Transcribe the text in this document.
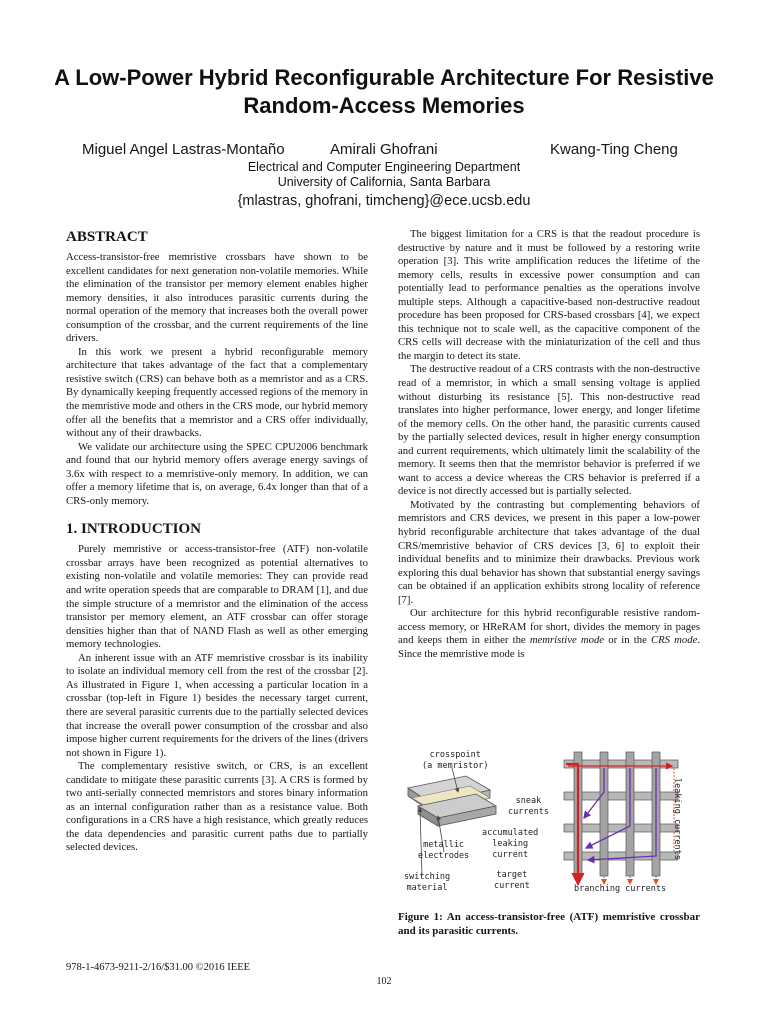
A Low-Power Hybrid Reconfigurable Architecture For Resistive Random-Access Memories
Miguel Angel Lastras-Montaño	Amirali Ghofrani	Kwang-Ting Cheng
Electrical and Computer Engineering Department
University of California, Santa Barbara
{mlastras, ghofrani, timcheng}@ece.ucsb.edu
ABSTRACT

Access-transistor-free memristive crossbars have shown to be excellent candidates for next generation non-volatile memories. While the elimination of the transistor per memory element enables higher memory densities, it also introduces parasitic currents during the normal operation of the memory that increases both the overall power consumption of the crossbar, and the current requirements of the line drivers.

In this work we present a hybrid reconfigurable memory architecture that takes advantage of the fact that a complementary resistive switch (CRS) can behave both as a memristor and as a CRS. By dynamically keeping frequently accessed regions of the memory in the memristive mode and others in the CRS mode, our hybrid memory offer all the benefits that a memristor and a CRS offer individually, without any of their drawbacks.

We validate our architecture using the SPEC CPU2006 benchmark and found that our hybrid memory offers average energy savings of 3.6x with respect to a memristive-only memory. In addition, we can offer a memory lifetime that is, on average, 6.4x longer than that of a CRS-only memory.

1. INTRODUCTION

Purely memristive or access-transistor-free (ATF) non-volatile crossbar arrays have been recognized as potential alternatives to existing non-volatile and volatile memories: They can provide read and write operation speeds that are comparable to DRAM [1], and due the simple structure of a memristor and the elimination of the access transistor per memory element, an ATF crossbar can offer storage densities higher than that of NAND Flash as well as other emerging memory technologies.

An inherent issue with an ATF memristive crossbar is its inability to isolate an individual memory cell from the rest of the crossbar [2]. As illustrated in Figure 1, when accessing a particular location in a crossbar (top-left in Figure 1) besides the necessary target current, there are several parasitic currents due to the partially selected devices that increase the overall power consumption of the crossbar and also impose higher current requirements for the drivers of the lines (drivers not shown in Figure 1).

The complementary resistive switch, or CRS, is an excellent candidate to mitigate these parasitic currents [3]. A CRS is formed by two anti-serially connected memristors and stores binary information as an internal configuration rather than as a resistance value. Both configurations in a CRS have a high resistance, which greatly reduces the data dependencies and parasitic current paths due to partially selected devices.

The biggest limitation for a CRS is that the readout procedure is destructive by nature and it must be followed by a restoring write operation [3]. This write amplification reduces the lifetime of the memory cells, results in excessive power consumption and can potentially lead to performance penalties as the operations involve multiple steps. Although a capacitive-based non-destructive readout procedure has been proposed for CRS-based crossbars [4], we expect this technique not to scale well, as the capacitive component of the CRS cells will decrease with the miniaturization of the cell and thus the margin to detect its state.

The destructive readout of a CRS contrasts with the non-destructive read of a memristor, in which a small sensing voltage is applied without disturbing its resistance [5]. This non-destructive read translates into higher performance, lower energy, and longer lifetime of the memory cells. On the other hand, the parasitic currents caused by the partially selected devices, result in higher energy consumption and current requirements, which ultimately limit the scalability of the memory. It seems then that the memristor behavior is preferred if we want to access a device whereas the CRS behavior is preferred if a device is not directly accessed but is partially selected.

Motivated by the contrasting but complementing behaviors of memristors and CRS devices, we present in this paper a low-power hybrid reconfigurable architecture that takes advantage of the dual CRS/memristive behavior of CRS devices [3, 6] to exploit their individual benefits and to minimize their drawbacks. Previous work exploring this dual behavior has shown that substantial energy savings can be obtained if an application exhibits strong locality of reference [7].

Our architecture for this hybrid reconfigurable resistive random-access memory, or HReRAM for short, divides the memory in pages and keeps them in either the memristive mode or in the CRS mode. Since the memristive mode is

crosspoint
(a memristor)
sneak
currents
accumulated
leaking
current
metallic
electrodes
switching
material
target
current	branching currents
leaking currents
Figure 1: An access-transistor-free (ATF) memristive crossbar and its parasitic currents.
978-1-4673-9211-2/16/$31.00 ©2016 IEEE
102
